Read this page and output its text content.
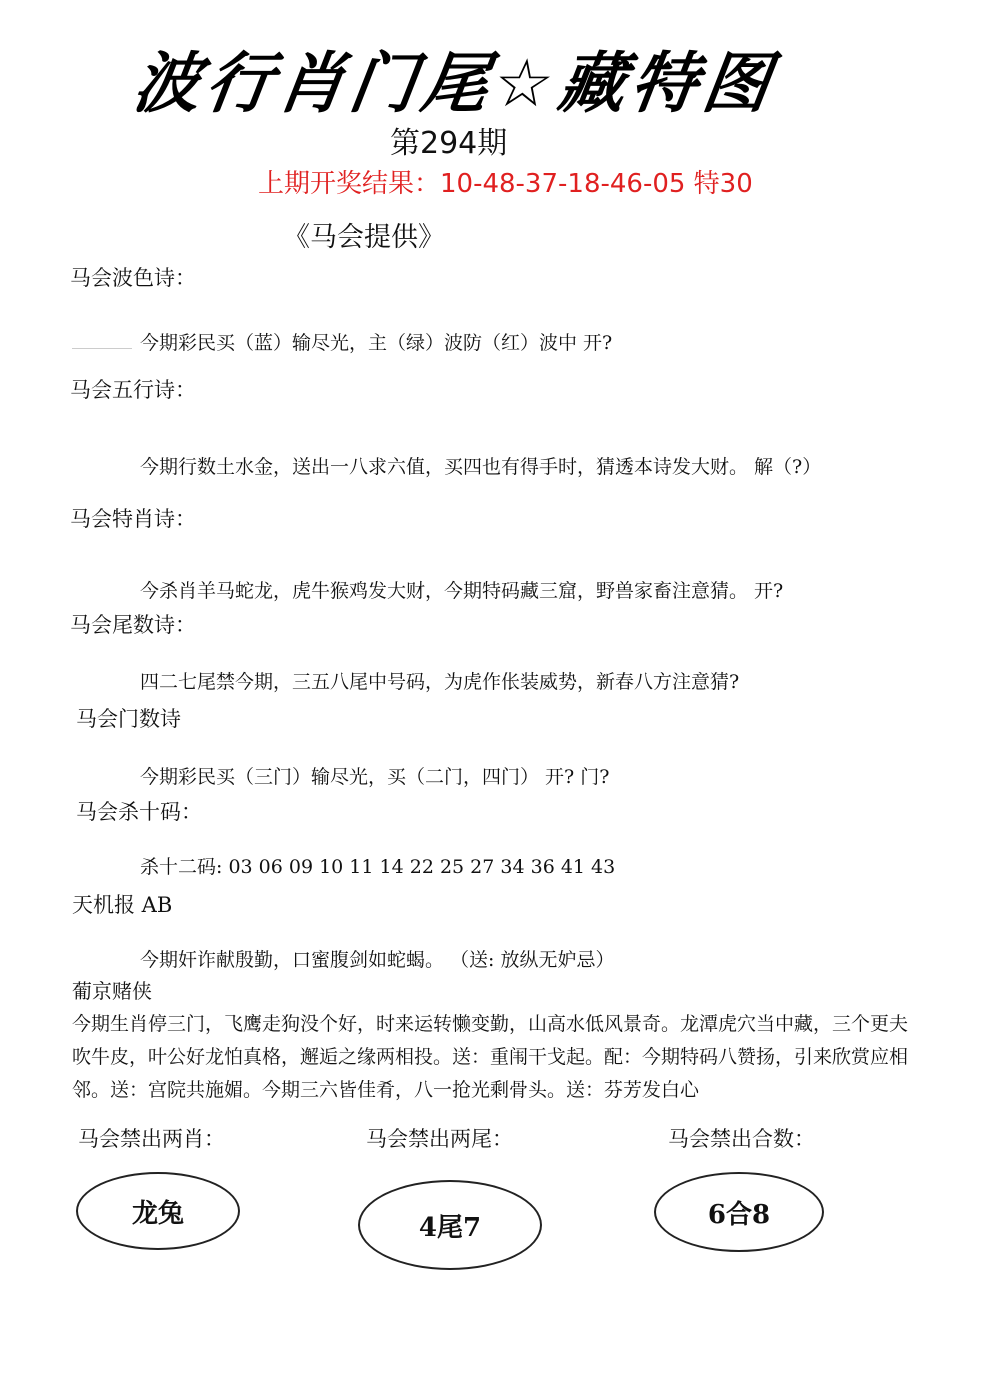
波行肖门尾☆藏特图
第294期
上期开奖结果：10-48-37-18-46-05 特30
《马会提供》
马会波色诗：
今期彩民买（蓝）输尽光，主（绿）波防（红）波中 开?
马会五行诗：
今期行数土水金，送出一八求六值，买四也有得手时，猜透本诗发大财。 解（?）
马会特肖诗：
今杀肖羊马蛇龙，虎牛猴鸡发大财，今期特码藏三窟，野兽家畜注意猜。 开?
马会尾数诗：
四二七尾禁今期，三五八尾中号码，为虎作伥装威势，新春八方注意猜?
马会门数诗
今期彩民买（三门）输尽光，买（二门，四门） 开? 门?
马会杀十码：
杀十二码: 03 06 09 10 11 14 22 25 27 34 36 41 43
天机报 AB
今期奸诈献殷勤，口蜜腹剑如蛇蝎。 （送: 放纵无妒忌）
葡京赌侠
今期生肖停三门，飞鹰走狗没个好，时来运转懒变勤，山高水低风景奇。龙潭虎穴当中藏，三个更夫吹牛皮，叶公好龙怕真格，邂逅之缘两相投。送：重闱干戈起。配：今期特码八赞扬，引来欣赏应相邻。送：宫院共施媚。今期三六皆佳肴，八一抢光剩骨头。送：芬芳发白心
马会禁出两肖：	马会禁出两尾：	马会禁出合数：
龙兔	4尾7	6合8
